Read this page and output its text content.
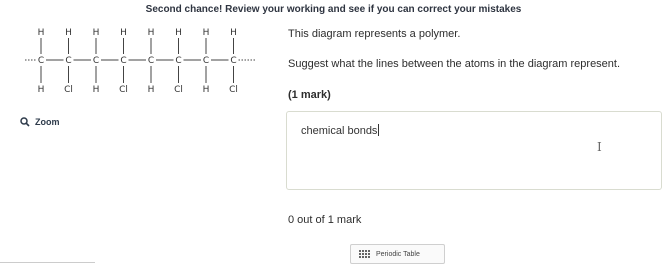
Second chance! Review your working and see if you can correct your mistakes
H
C
H
H
C
Cl
H
C
H
H
C
Cl
H
C
H
H
C
Cl
H
C
H
H
C
Cl
This diagram represents a polymer.
Suggest what the lines between the atoms in the diagram represent.
(1 mark)
Zoom
chemical bonds
I
0 out of 1 mark
Periodic Table
